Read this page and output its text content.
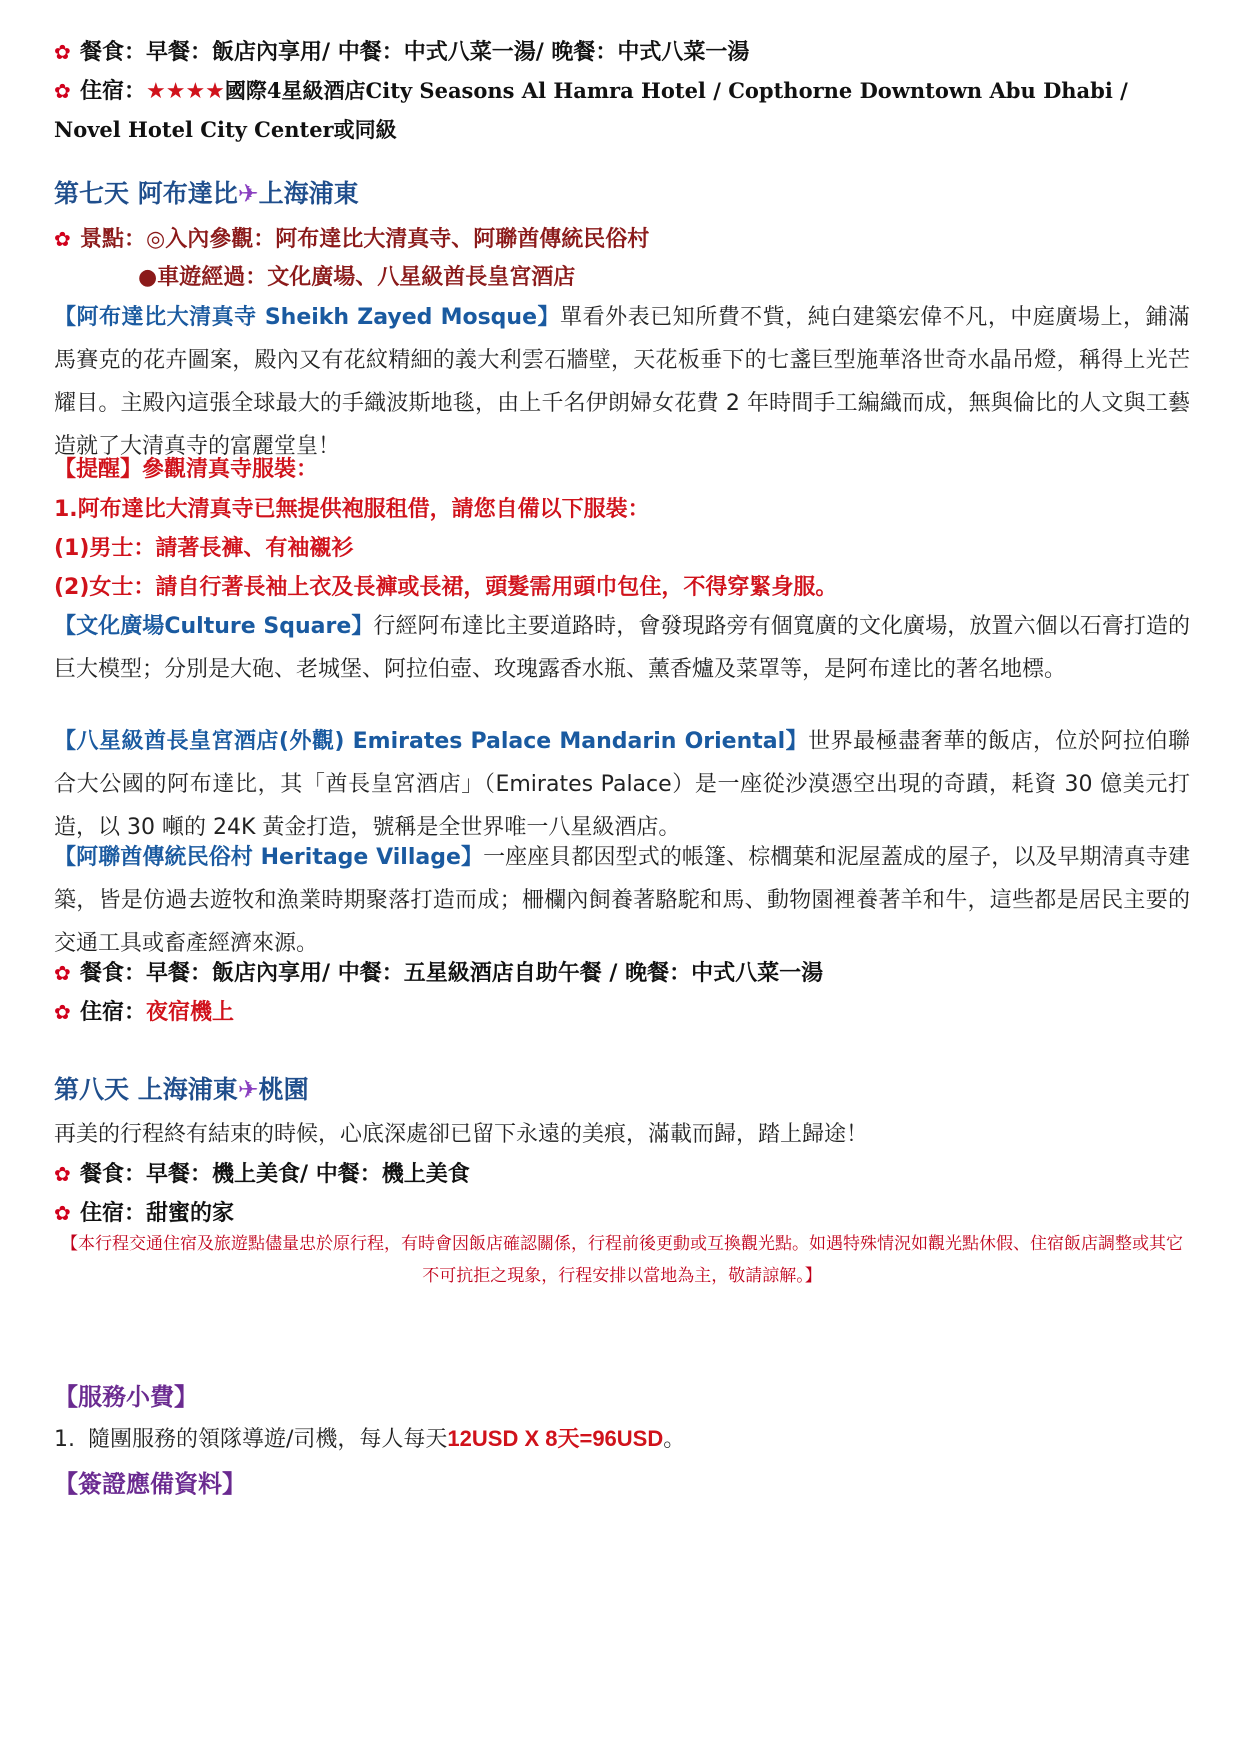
✿ 餐食：早餐：飯店內享用/ 中餐：中式八菜一湯/ 晚餐：中式八菜一湯
✿ 住宿：★★★★國際4星級酒店City Seasons Al Hamra Hotel / Copthorne Downtown Abu Dhabi /
Novel Hotel City Center或同級
第七天 阿布達比✈上海浦東
✿ 景點：◎入內參觀：阿布達比大清真寺、阿聯酋傳統民俗村
●車遊經過：文化廣場、八星級酋長皇宮酒店
【阿布達比大清真寺 Sheikh Zayed Mosque】單看外表已知所費不貲，純白建築宏偉不凡，中庭廣場上，鋪滿馬賽克的花卉圖案，殿內又有花紋精細的義大利雲石牆壁，天花板垂下的七盞巨型施華洛世奇水晶吊燈，稱得上光芒耀目。主殿內這張全球最大的手織波斯地毯，由上千名伊朗婦女花費 2 年時間手工編織而成，無與倫比的人文與工藝造就了大清真寺的富麗堂皇！
【提醒】參觀清真寺服裝：
1.阿布達比大清真寺已無提供袍服租借，請您自備以下服裝：
(1)男士：請著長褲、有袖襯衫
(2)女士：請自行著長袖上衣及長褲或長裙，頭髮需用頭巾包住，不得穿緊身服。
【文化廣場Culture Square】行經阿布達比主要道路時，會發現路旁有個寬廣的文化廣場，放置六個以石膏打造的巨大模型；分別是大砲、老城堡、阿拉伯壺、玫瑰露香水瓶、薰香爐及菜罩等，是阿布達比的著名地標。
【八星級酋長皇宮酒店(外觀) Emirates Palace Mandarin Oriental】世界最極盡奢華的飯店，位於阿拉伯聯合大公國的阿布達比，其「酋長皇宮酒店」（Emirates Palace）是一座從沙漠憑空出現的奇蹟，耗資 30 億美元打造，以 30 噸的 24K 黃金打造，號稱是全世界唯一八星級酒店。
【阿聯酋傳統民俗村 Heritage Village】一座座貝都因型式的帳篷、棕櫚葉和泥屋蓋成的屋子，以及早期清真寺建築，皆是仿過去遊牧和漁業時期聚落打造而成；柵欄內飼養著駱駝和馬、動物園裡養著羊和牛，這些都是居民主要的交通工具或畜產經濟來源。
✿ 餐食：早餐：飯店內享用/ 中餐：五星級酒店自助午餐 / 晚餐：中式八菜一湯
✿ 住宿：夜宿機上
第八天 上海浦東✈桃園
再美的行程終有結束的時候，心底深處卻已留下永遠的美痕，滿載而歸，踏上歸途！
✿ 餐食：早餐：機上美食/ 中餐：機上美食
✿ 住宿：甜蜜的家
【本行程交通住宿及旅遊點儘量忠於原行程，有時會因飯店確認關係，行程前後更動或互換觀光點。如遇特殊情況如觀光點休假、住宿飯店調整或其它不可抗拒之現象，行程安排以當地為主，敬請諒解。】
【服務小費】
1. 隨團服務的領隊導遊/司機，每人每天12USD X 8天=96USD。
【簽證應備資料】
